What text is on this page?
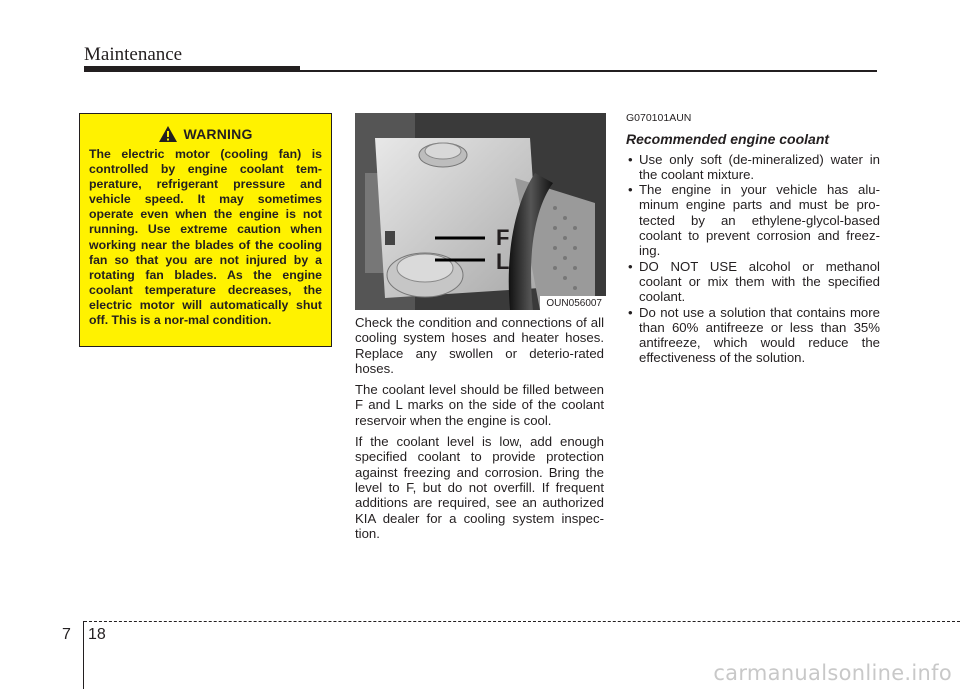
Maintenance
WARNING
The electric motor (cooling fan) is controlled by engine coolant tem-perature, refrigerant pressure and vehicle speed. It may sometimes operate even when the engine is not running. Use extreme caution when working near the blades of the cooling fan so that you are not injured by a rotating fan blades. As the engine coolant temperature decreases, the electric motor will automatically shut off. This is a nor-mal condition.
F
L
OUN056007

Check the condition and connections of all cooling system hoses and heater hoses. Replace any swollen or deterio-rated hoses.

The coolant level should be filled between F and L marks on the side of the coolant reservoir when the engine is cool.

If the coolant level is low, add enough specified coolant to provide protection against freezing and corrosion. Bring the level to F, but do not overfill. If frequent additions are required, see an authorized KIA dealer for a cooling system inspec-tion.

G070101AUN
Recommended engine coolant
• Use only soft (de-mineralized) water in the coolant mixture.
• The engine in your vehicle has alu-minum engine parts and must be pro-tected by an ethylene-glycol-based coolant to prevent corrosion and freez-ing.
• DO NOT USE alcohol or methanol coolant or mix them with the specified coolant.
• Do not use a solution that contains more than 60% antifreeze or less than 35% antifreeze, which would reduce the effectiveness of the solution.
7 18
carmanualsonline.info
